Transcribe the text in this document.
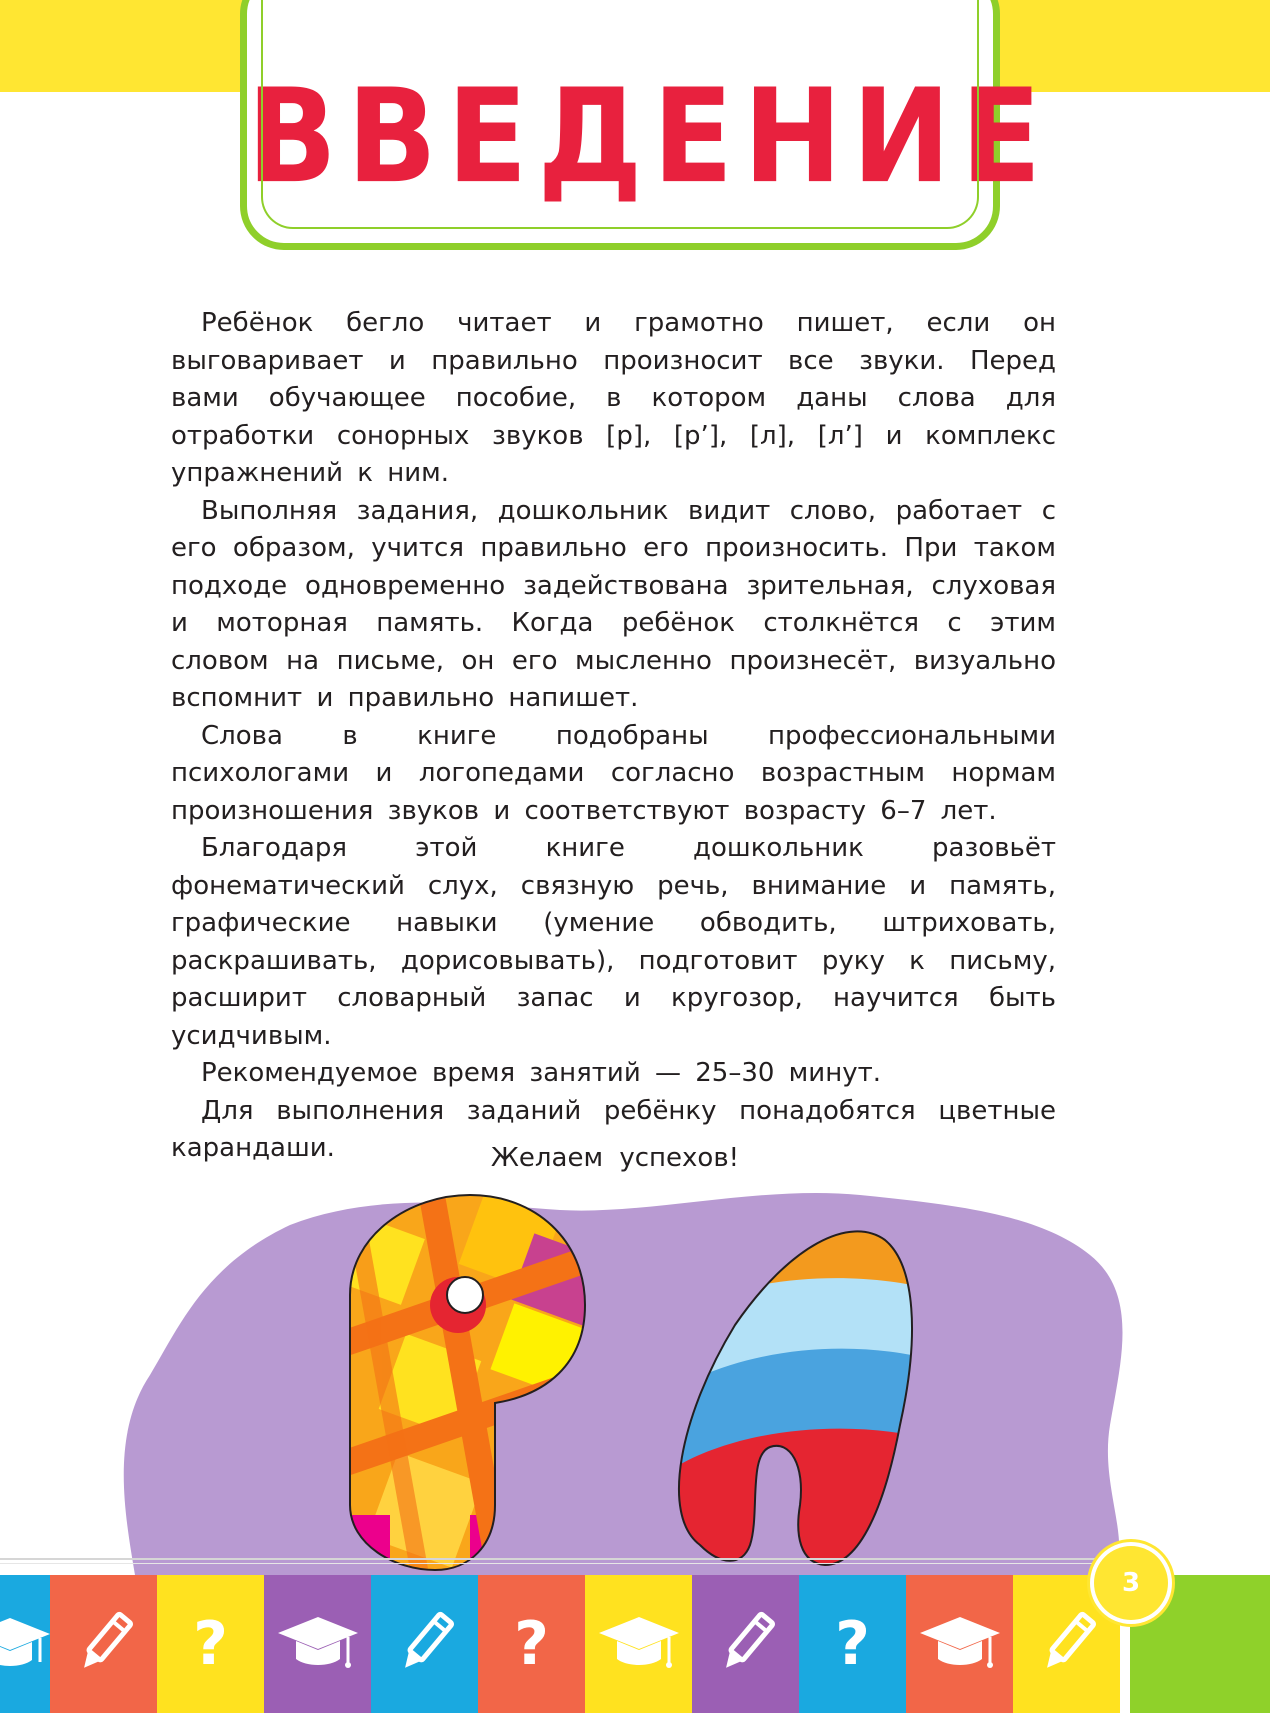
ВВЕДЕНИЕ

Ребёнок бегло читает и грамотно пишет, если он выговаривает и правильно произносит все звуки. Перед вами обучающее пособие, в котором даны слова для отработки сонорных звуков [р], [р’], [л], [л’] и комплекс упражнений к ним.

Выполняя задания, дошкольник видит слово, работает с его образом, учится правильно его произносить. При таком подходе одновременно задействована зрительная, слуховая и моторная память. Когда ребёнок столкнётся с этим словом на письме, он его мысленно произнесёт, визуально вспомнит и правильно напишет.

Слова в книге подобраны профессиональными психологами и логопедами согласно возрастным нормам произношения звуков и соответствуют возрасту 6–7 лет.

Благодаря этой книге дошкольник разовьёт фонематический слух, связную речь, внимание и память, графические навыки (умение обводить, штриховать, раскрашивать, дорисовывать), подготовит руку к письму, расширит словарный запас и кругозор, научится быть усидчивым.

Рекомендуемое время занятий — 25–30 минут.

Для выполнения заданий ребёнку понадобятся цветные карандаши.	Желаем успехов!
?	?	?
3
